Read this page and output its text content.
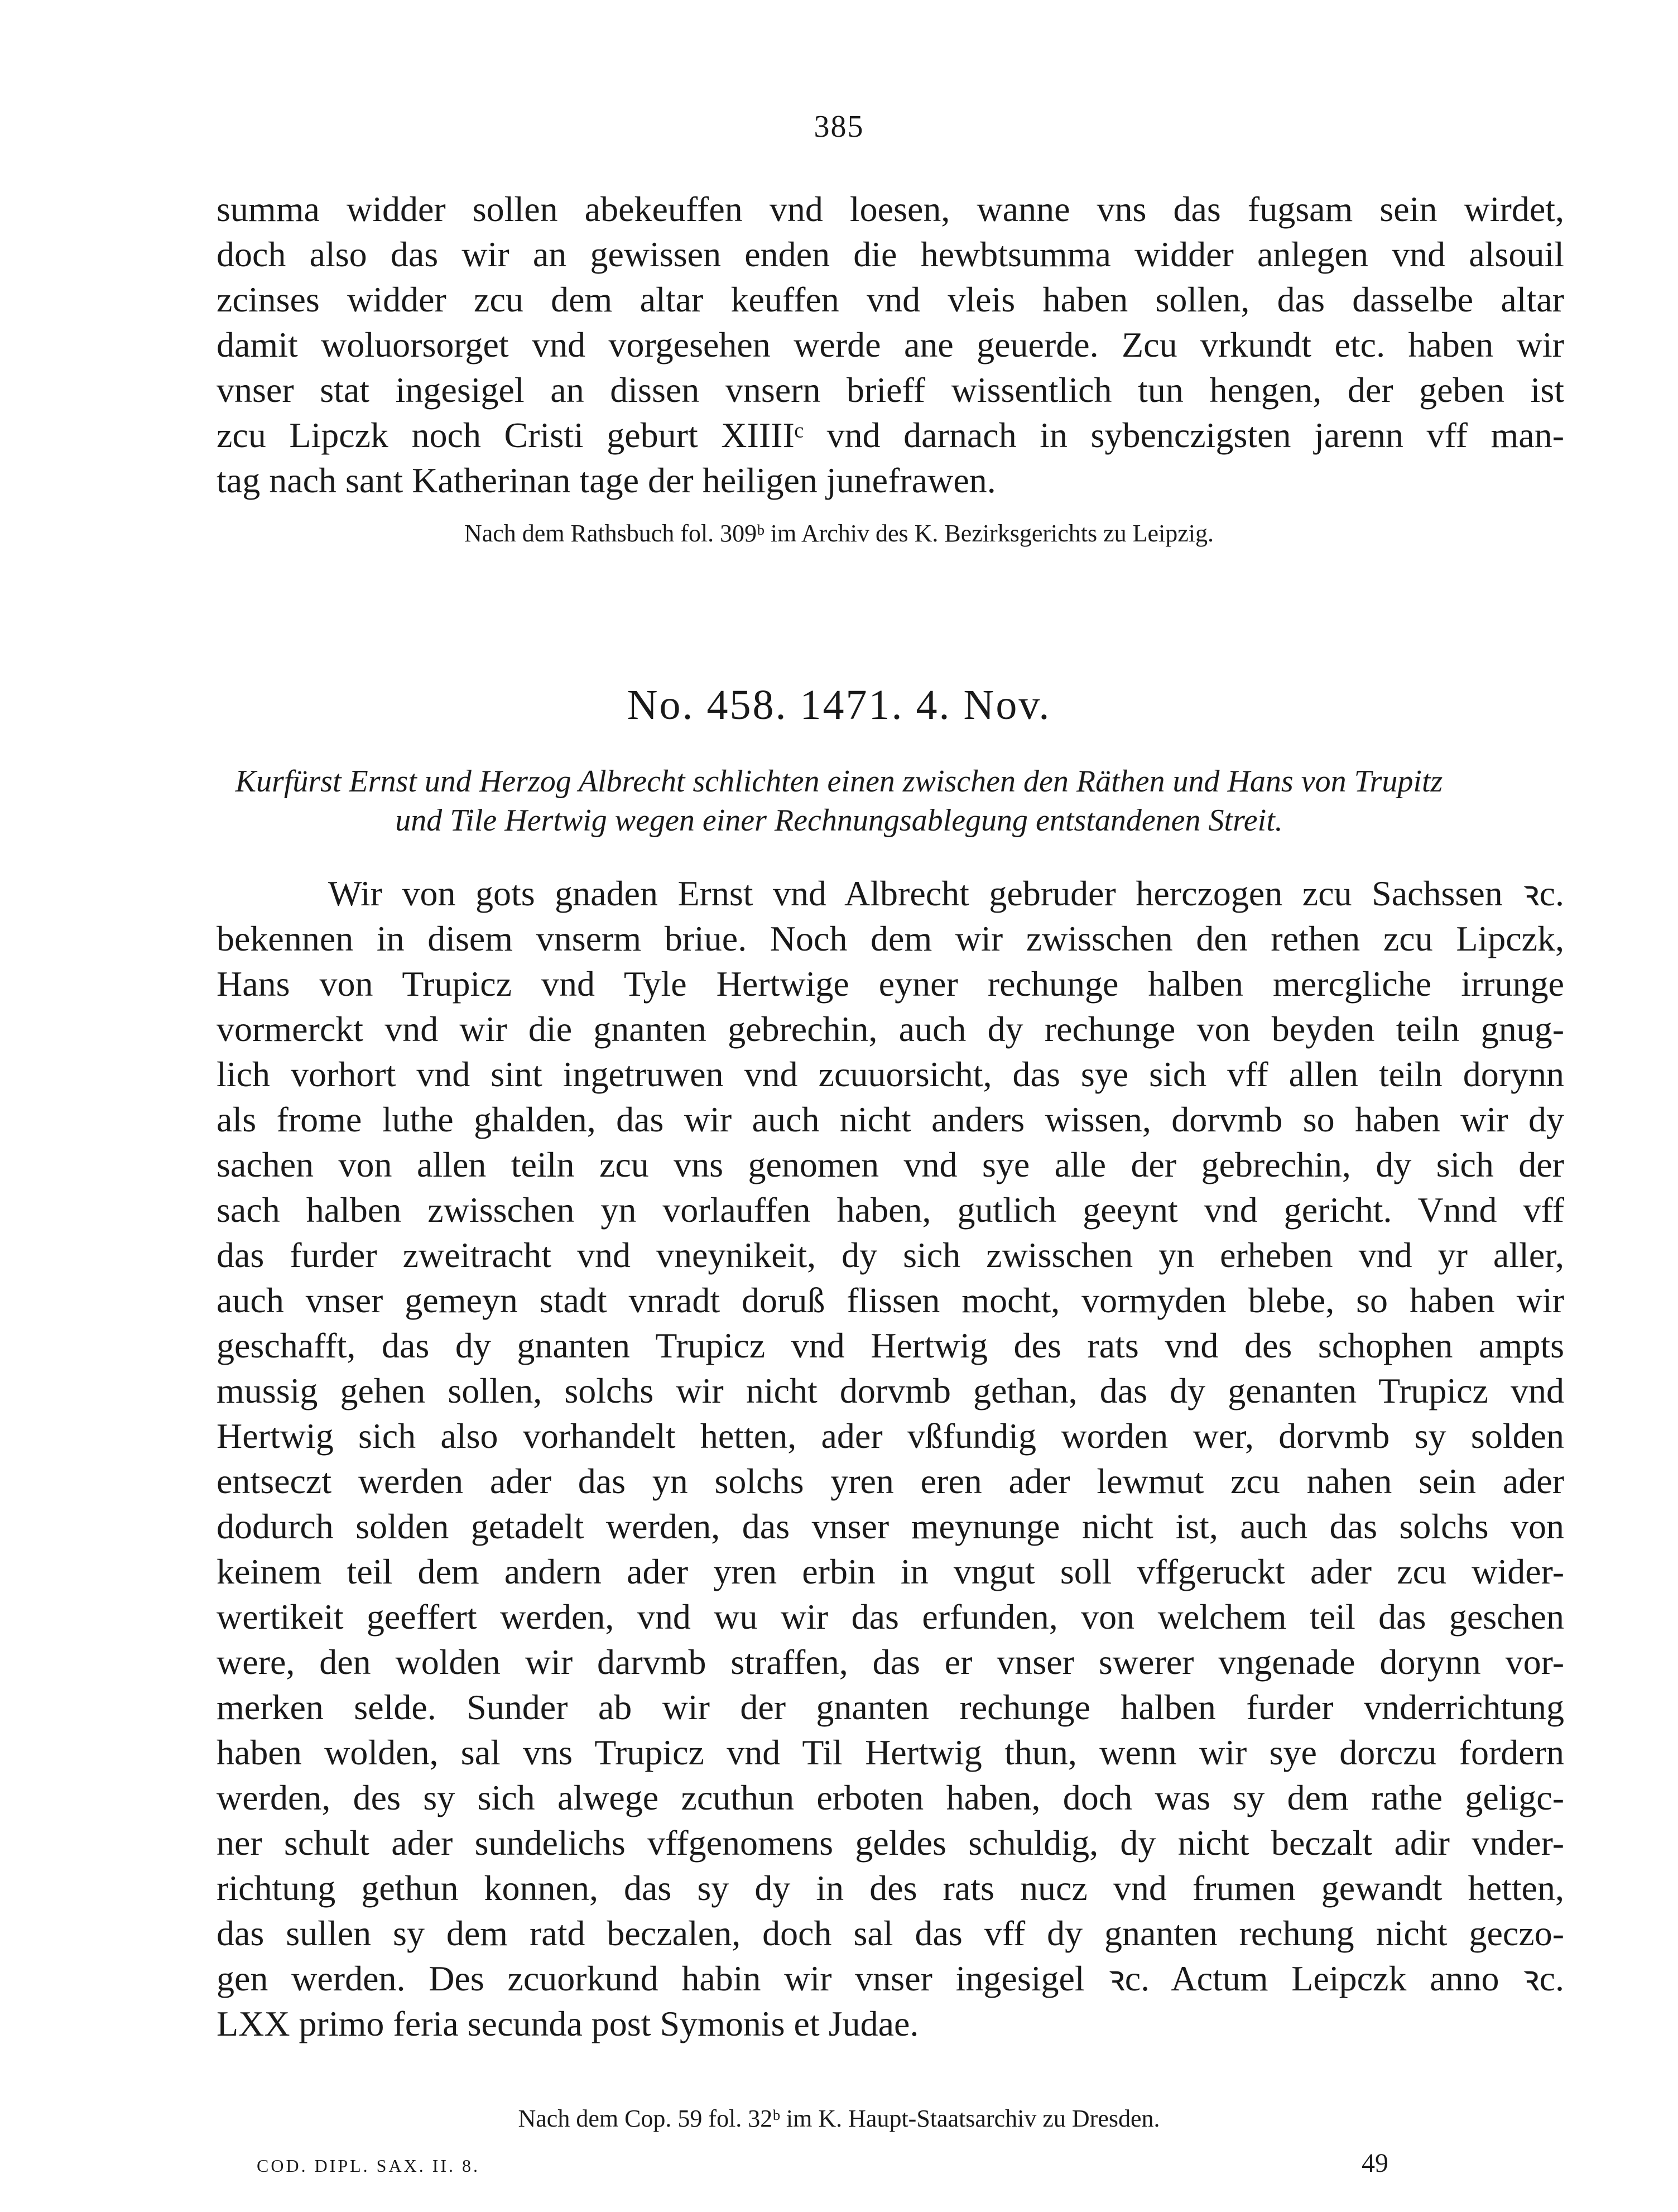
385
summa widder sollen abekeuffen vnd loesen, wanne vns das fugsam sein wirdet,
doch also das wir an gewissen enden die hewbtsumma widder anlegen vnd alsouil
zcinses widder zcu dem altar keuffen vnd vleis haben sollen, das dasselbe altar
damit woluorsorget vnd vorgesehen werde ane geuerde. Zcu vrkundt etc. haben wir
vnser stat ingesigel an dissen vnsern brieff wissentlich tun hengen, der geben ist
zcu Lipczk noch Cristi geburt XIIIIᶜ vnd darnach in sybenczigsten jarenn vff man-
tag nach sant Katherinan tage der heiligen junefrawen.
Nach dem Rathsbuch fol. 309ᵇ im Archiv des K. Bezirksgerichts zu Leipzig.
No. 458. 1471. 4. Nov.
Kurfürst Ernst und Herzog Albrecht schlichten einen zwischen den Räthen und Hans von Trupitz
und Tile Hertwig wegen einer Rechnungsablegung entstandenen Streit.
Wir von gots gnaden Ernst vnd Albrecht gebruder herczogen zcu Sachssen ꝛc.
bekennen in disem vnserm briue. Noch dem wir zwisschen den rethen zcu Lipczk,
Hans von Trupicz vnd Tyle Hertwige eyner rechunge halben mercgliche irrunge
vormerckt vnd wir die gnanten gebrechin, auch dy rechunge von beyden teiln gnug-
lich vorhort vnd sint ingetruwen vnd zcuuorsicht, das sye sich vff allen teiln dorynn
als frome luthe ghalden, das wir auch nicht anders wissen, dorvmb so haben wir dy
sachen von allen teiln zcu vns genomen vnd sye alle der gebrechin, dy sich der
sach halben zwisschen yn vorlauffen haben, gutlich geeynt vnd gericht. Vnnd vff
das furder zweitracht vnd vneynikeit, dy sich zwisschen yn erheben vnd yr aller,
auch vnser gemeyn stadt vnradt doruß flissen mocht, vormyden blebe, so haben wir
geschafft, das dy gnanten Trupicz vnd Hertwig des rats vnd des schophen ampts
mussig gehen sollen, solchs wir nicht dorvmb gethan, das dy genanten Trupicz vnd
Hertwig sich also vorhandelt hetten, ader vßfundig worden wer, dorvmb sy solden
entseczt werden ader das yn solchs yren eren ader lewmut zcu nahen sein ader
dodurch solden getadelt werden, das vnser meynunge nicht ist, auch das solchs von
keinem teil dem andern ader yren erbin in vngut soll vffgeruckt ader zcu wider-
wertikeit geeffert werden, vnd wu wir das erfunden, von welchem teil das geschen
were, den wolden wir darvmb straffen, das er vnser swerer vngenade dorynn vor-
merken selde. Sunder ab wir der gnanten rechunge halben furder vnderrichtung
haben wolden, sal vns Trupicz vnd Til Hertwig thun, wenn wir sye dorczu fordern
werden, des sy sich alwege zcuthun erboten haben, doch was sy dem rathe geligc-
ner schult ader sundelichs vffgenomens geldes schuldig, dy nicht beczalt adir vnder-
richtung gethun konnen, das sy dy in des rats nucz vnd frumen gewandt hetten,
das sullen sy dem ratd beczalen, doch sal das vff dy gnanten rechung nicht geczo-
gen werden. Des zcuorkund habin wir vnser ingesigel ꝛc. Actum Leipczk anno ꝛc.
LXX primo feria secunda post Symonis et Judae.
Nach dem Cop. 59 fol. 32ᵇ im K. Haupt-Staatsarchiv zu Dresden.
COD. DIPL. SAX. II. 8.	49
